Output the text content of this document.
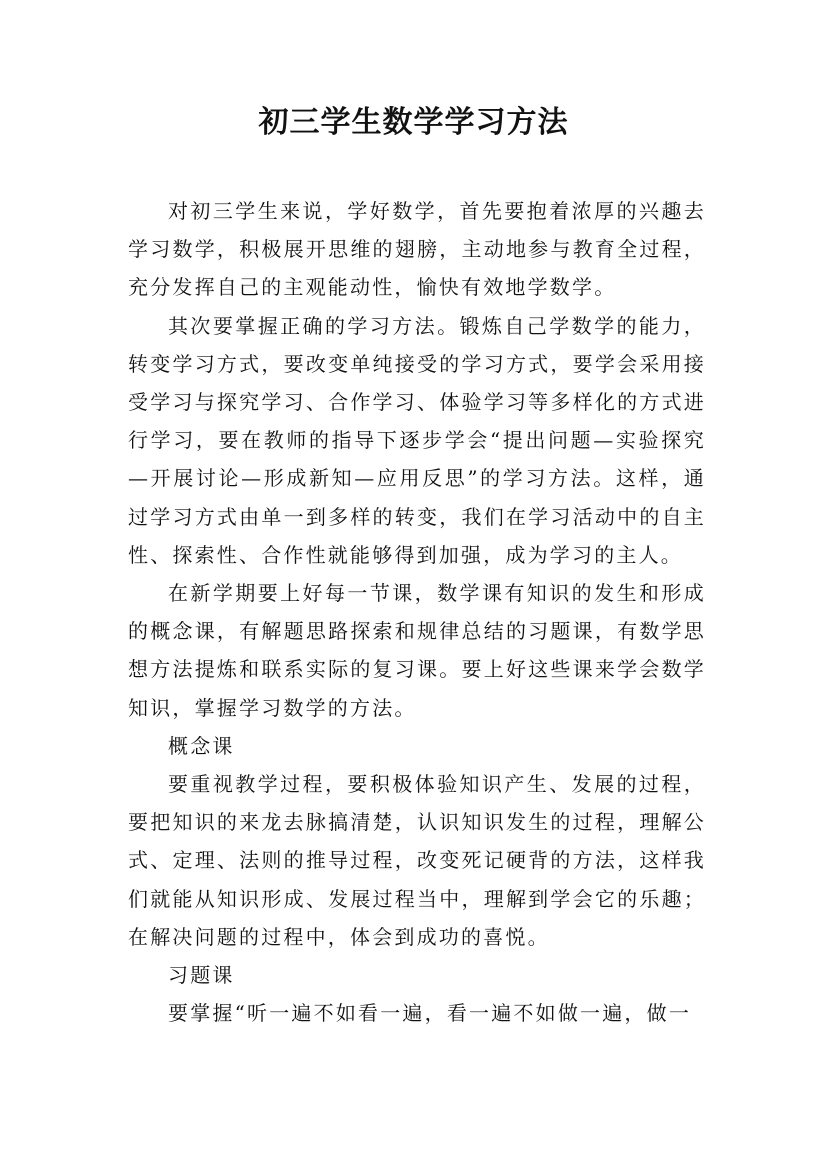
初三学生数学学习方法

对初三学生来说，学好数学，首先要抱着浓厚的兴趣去学习数学，积极展开思维的翅膀，主动地参与教育全过程，充分发挥自己的主观能动性，愉快有效地学数学。

其次要掌握正确的学习方法。锻炼自己学数学的能力，转变学习方式，要改变单纯接受的学习方式，要学会采用接受学习与探究学习、合作学习、体验学习等多样化的方式进行学习，要在教师的指导下逐步学会“提出问题—实验探究—开展讨论—形成新知—应用反思”的学习方法。这样，通过学习方式由单一到多样的转变，我们在学习活动中的自主性、探索性、合作性就能够得到加强，成为学习的主人。

在新学期要上好每一节课，数学课有知识的发生和形成的概念课，有解题思路探索和规律总结的习题课，有数学思想方法提炼和联系实际的复习课。要上好这些课来学会数学知识，掌握学习数学的方法。

概念课

要重视教学过程，要积极体验知识产生、发展的过程，要把知识的来龙去脉搞清楚，认识知识发生的过程，理解公式、定理、法则的推导过程，改变死记硬背的方法，这样我们就能从知识形成、发展过程当中，理解到学会它的乐趣；在解决问题的过程中，体会到成功的喜悦。

习题课

要掌握“听一遍不如看一遍，看一遍不如做一遍，做一
